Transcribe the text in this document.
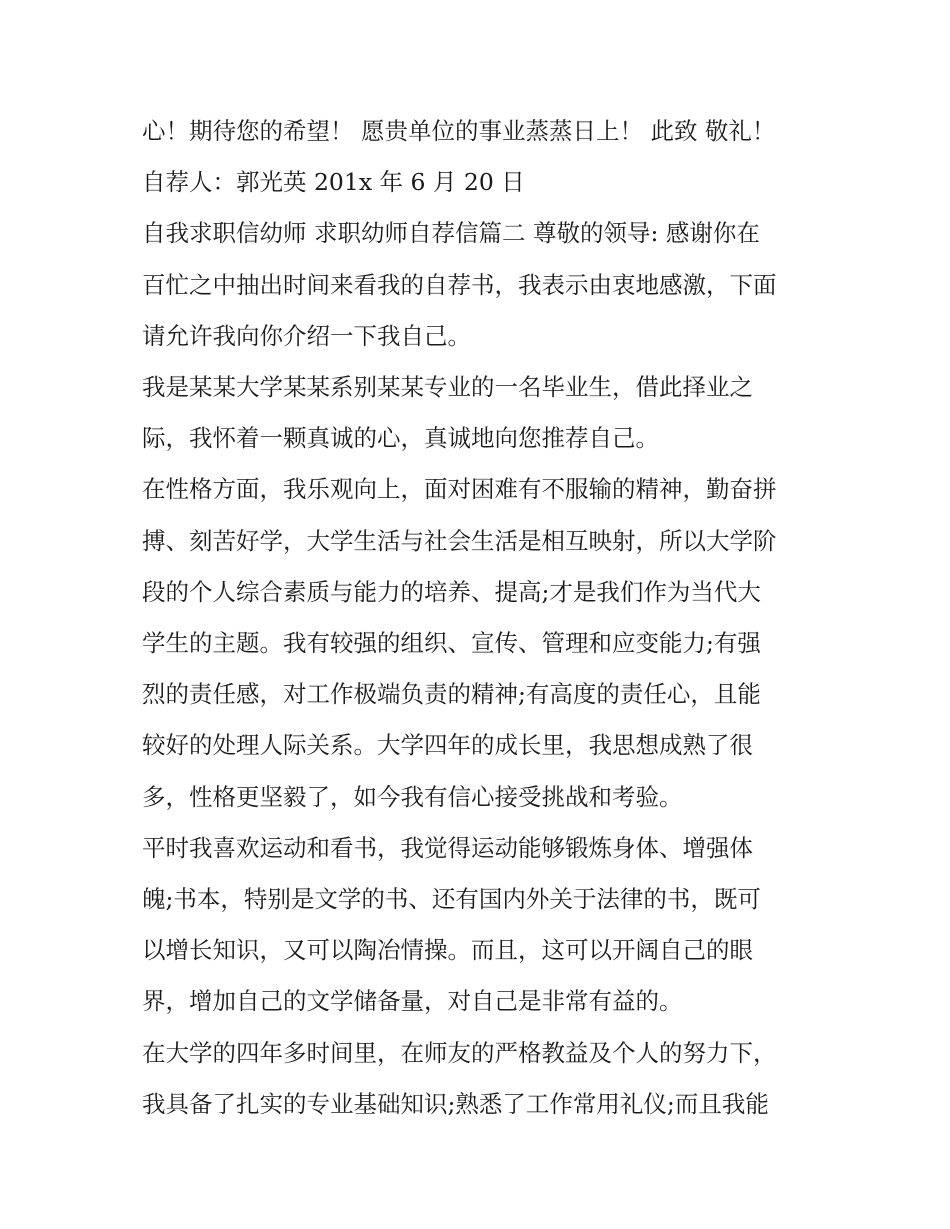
心！期待您的希望！ 愿贵单位的事业蒸蒸日上！ 此致 敬礼！

自荐人：郭光英 201x 年 6 月 20 日

自我求职信幼师 求职幼师自荐信篇二 尊敬的领导: 感谢你在

百忙之中抽出时间来看我的自荐书，我表示由衷地感激，下面

请允许我向你介绍一下我自己。

我是某某大学某某系别某某专业的一名毕业生，借此择业之

际，我怀着一颗真诚的心，真诚地向您推荐自己。

在性格方面，我乐观向上，面对困难有不服输的精神，勤奋拼

搏、刻苦好学，大学生活与社会生活是相互映射，所以大学阶

段的个人综合素质与能力的培养、提高;才是我们作为当代大

学生的主题。我有较强的组织、宣传、管理和应变能力;有强

烈的责任感，对工作极端负责的精神;有高度的责任心，且能

较好的处理人际关系。大学四年的成长里，我思想成熟了很

多，性格更坚毅了，如今我有信心接受挑战和考验。

平时我喜欢运动和看书，我觉得运动能够锻炼身体、增强体

魄;书本，特别是文学的书、还有国内外关于法律的书，既可

以增长知识，又可以陶冶情操。而且，这可以开阔自己的眼

界，增加自己的文学储备量，对自己是非常有益的。

在大学的四年多时间里，在师友的严格教益及个人的努力下，

我具备了扎实的专业基础知识;熟悉了工作常用礼仪;而且我能
